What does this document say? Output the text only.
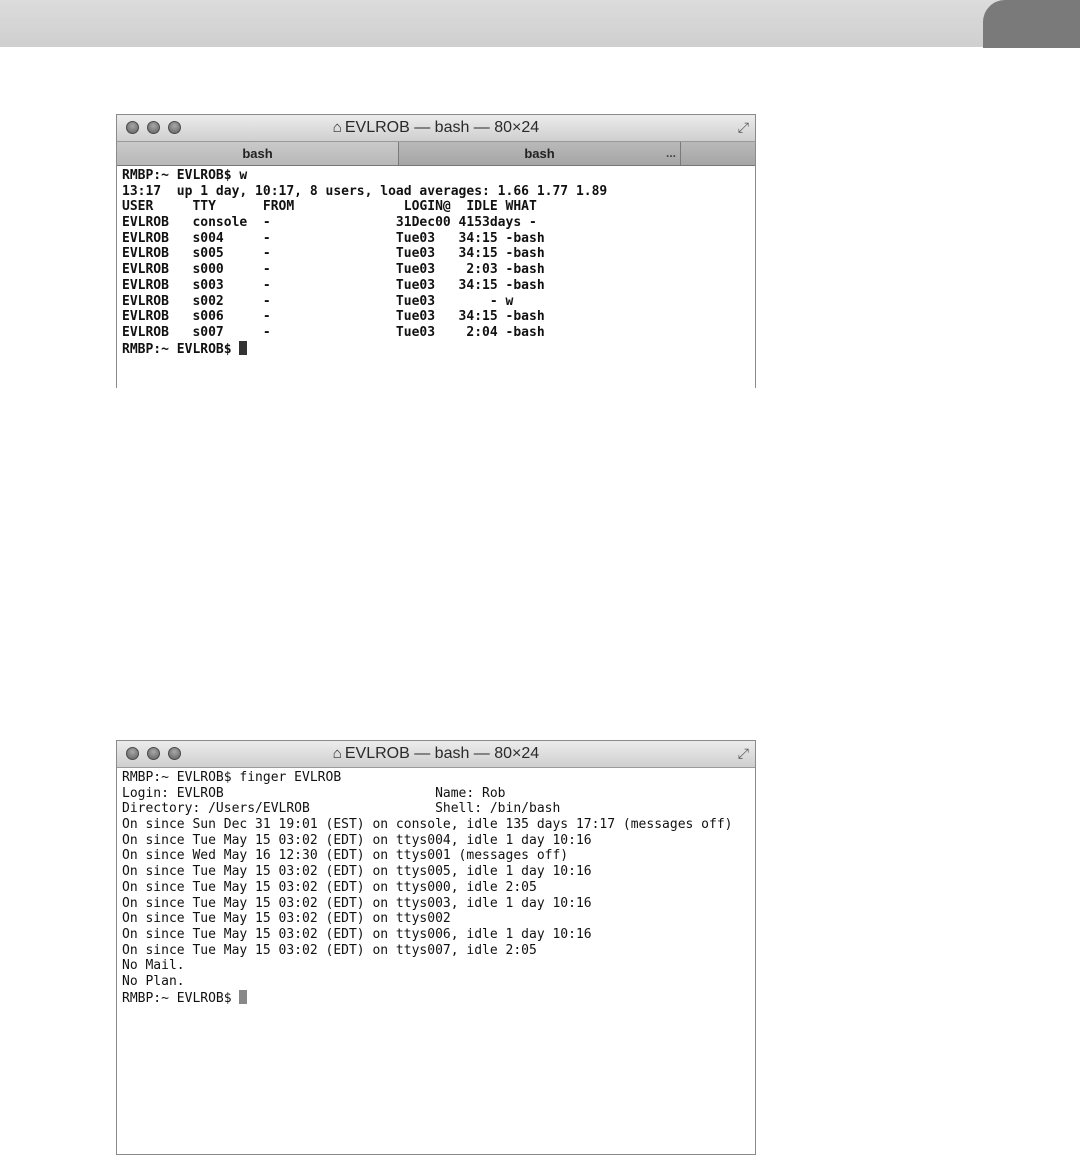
⌂ EVLROB — bash — 80×24	⤢
bash	bash	...
RMBP:~ EVLROB$ w
13:17  up 1 day, 10:17, 8 users, load averages: 1.66 1.77 1.89
USER     TTY      FROM              LOGIN@  IDLE WHAT
EVLROB   console  -                31Dec00 4153days -
EVLROB   s004     -                Tue03   34:15 -bash
EVLROB   s005     -                Tue03   34:15 -bash
EVLROB   s000     -                Tue03    2:03 -bash
EVLROB   s003     -                Tue03   34:15 -bash
EVLROB   s002     -                Tue03       - w
EVLROB   s006     -                Tue03   34:15 -bash
EVLROB   s007     -                Tue03    2:04 -bash
RMBP:~ EVLROB$
⌂ EVLROB — bash — 80×24	⤢
RMBP:~ EVLROB$ finger EVLROB
Login: EVLROB                           Name: Rob
Directory: /Users/EVLROB                Shell: /bin/bash
On since Sun Dec 31 19:01 (EST) on console, idle 135 days 17:17 (messages off)
On since Tue May 15 03:02 (EDT) on ttys004, idle 1 day 10:16
On since Wed May 16 12:30 (EDT) on ttys001 (messages off)
On since Tue May 15 03:02 (EDT) on ttys005, idle 1 day 10:16
On since Tue May 15 03:02 (EDT) on ttys000, idle 2:05
On since Tue May 15 03:02 (EDT) on ttys003, idle 1 day 10:16
On since Tue May 15 03:02 (EDT) on ttys002
On since Tue May 15 03:02 (EDT) on ttys006, idle 1 day 10:16
On since Tue May 15 03:02 (EDT) on ttys007, idle 2:05
No Mail.
No Plan.
RMBP:~ EVLROB$
